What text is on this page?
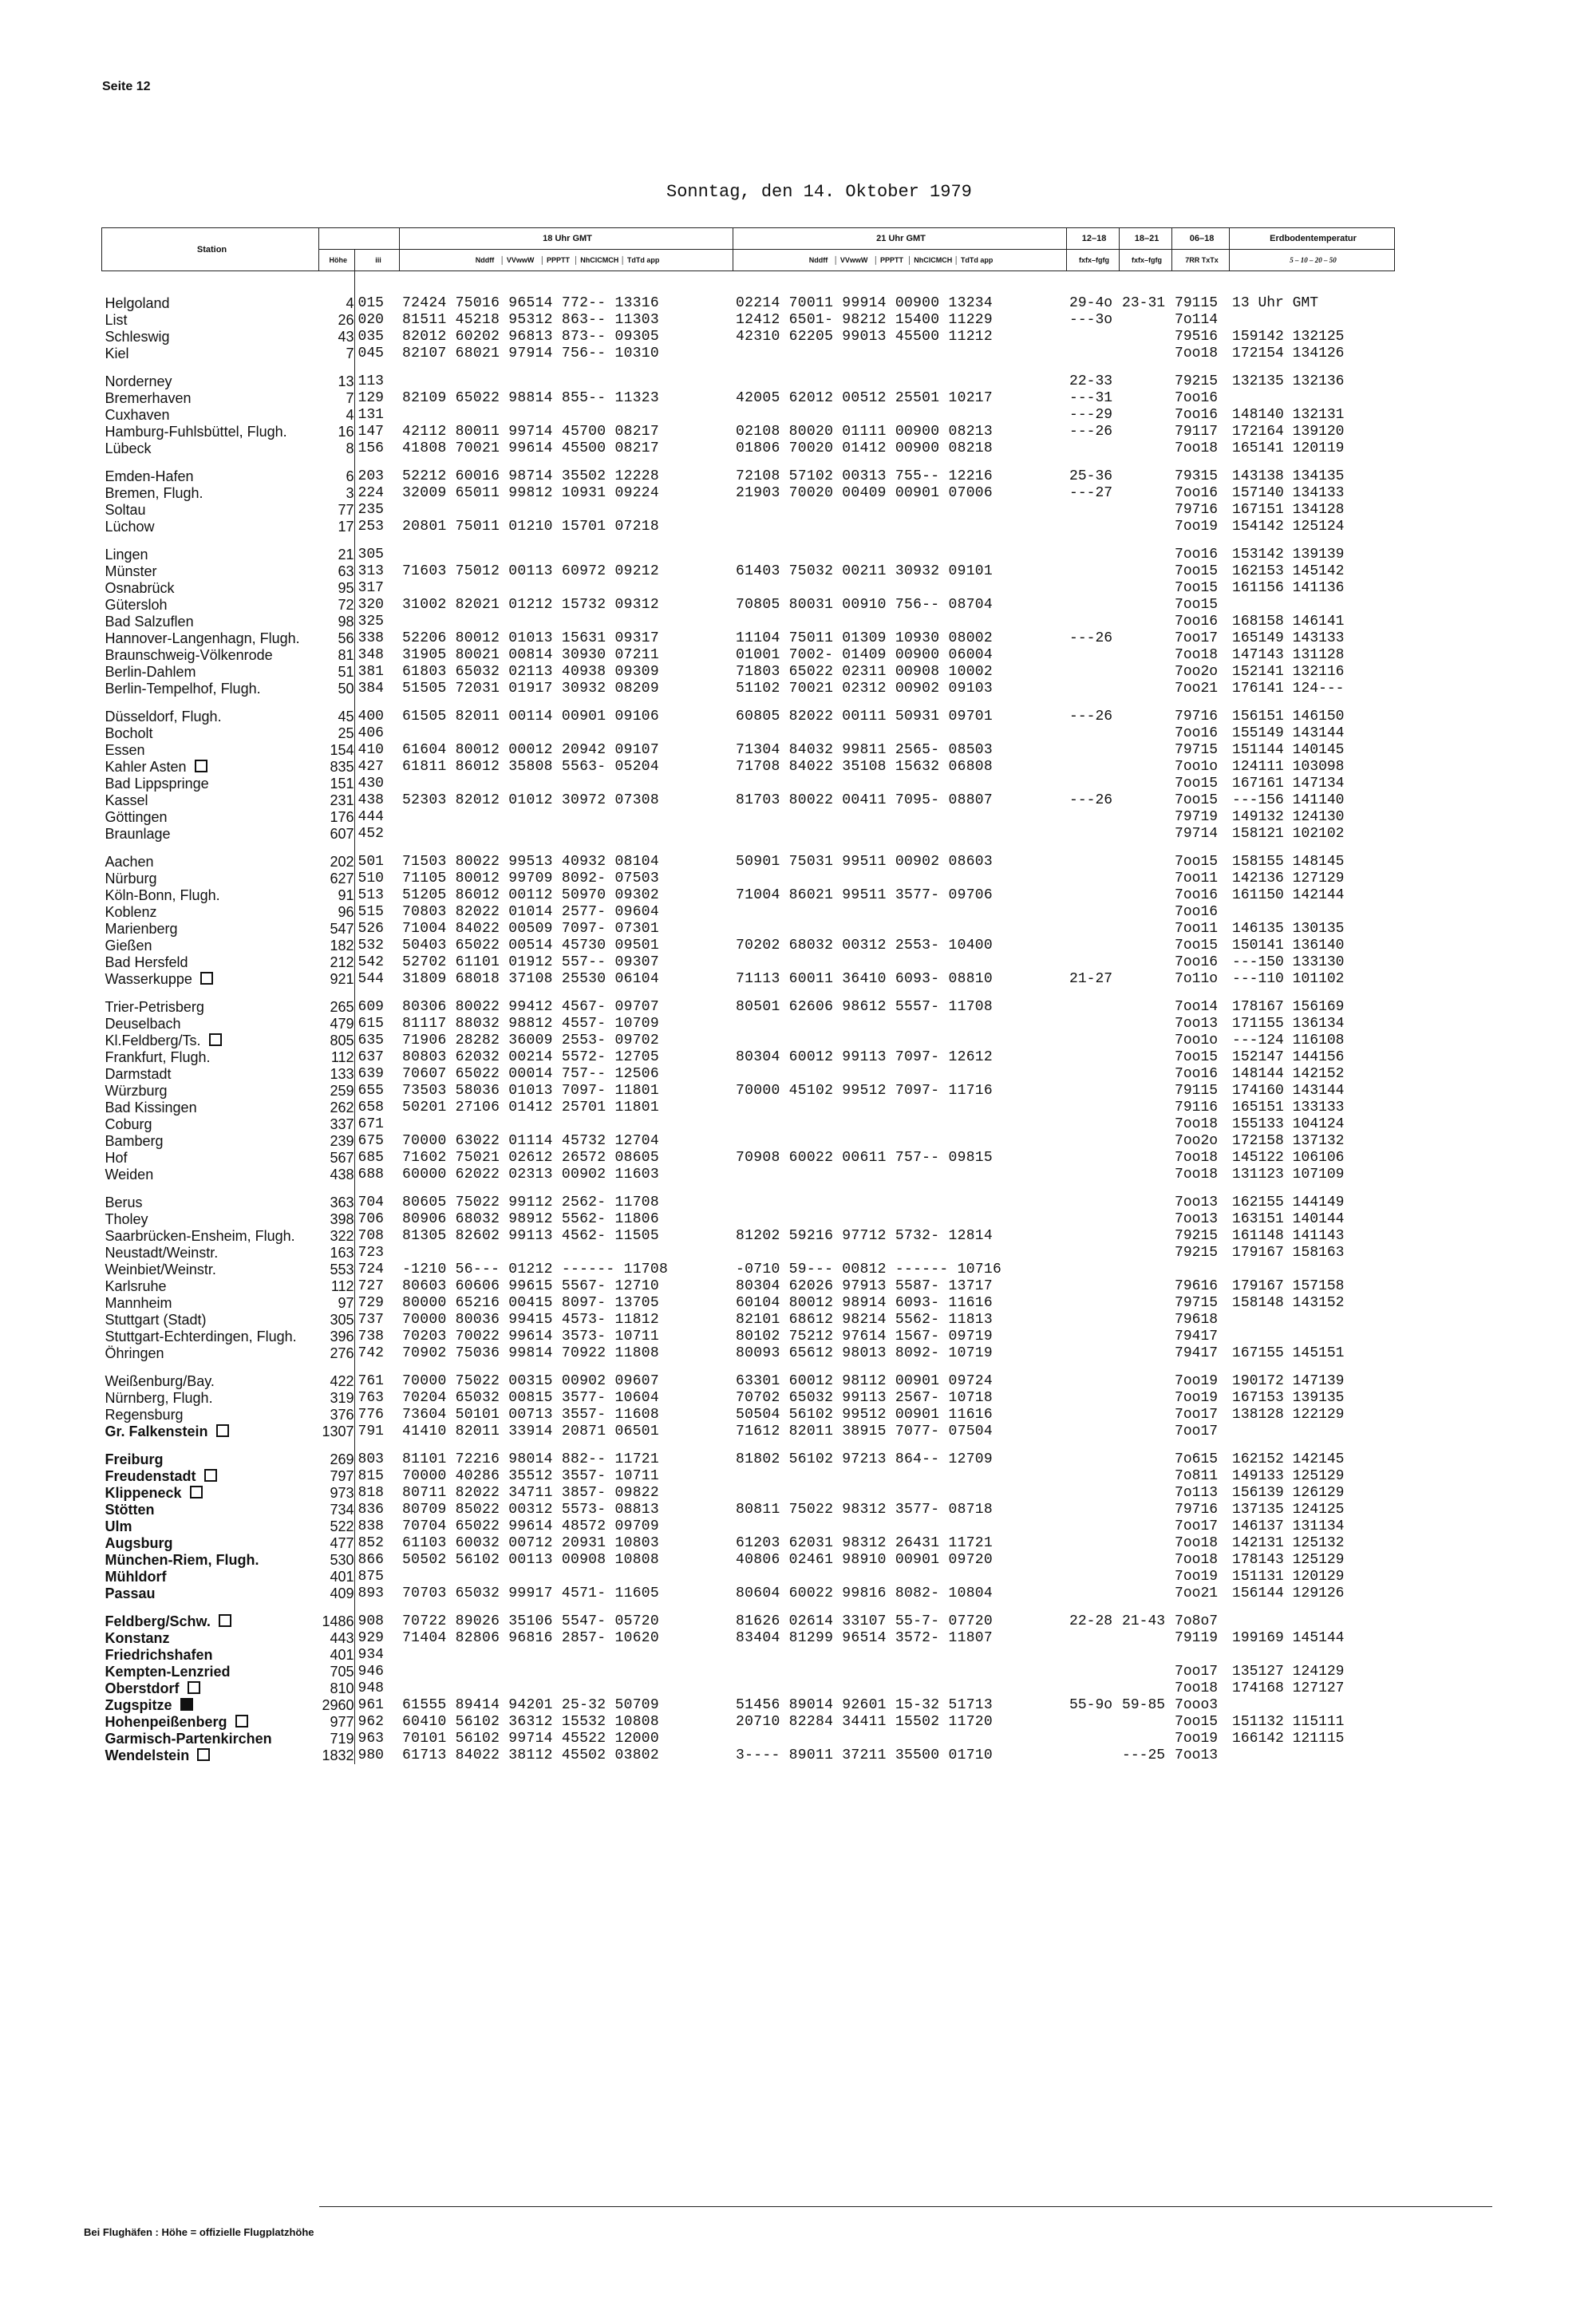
Seite 12
Sonntag, den 14. Oktober 1979
Station			18 Uhr GMT	21 Uhr GMT	12–18	18–21	06–18	Erdbodentemperatur
	Höhe	iii	Nddff   │ VVwwW   │ PPPTT  │ NhClCMCH │ TdTd app	Nddff   │ VVwwW   │ PPPTT  │ NhClCMCH │ TdTd app	fxfx–fgfg	fxfx–fgfg	7RR TxTx	5 – 10 – 20 – 50

Helgoland	4	015	72424 75016 96514 772-- 13316	02214 70011 99914 00900 13234	29-4o	23-31	79115	13 Uhr GMT
List	26	020	81511 45218 95312 863-- 11303	12412 6501- 98212 15400 11229	---3o		7o114	
Schleswig	43	035	82012 60202 96813 873-- 09305	42310 62205 99013 45500 11212			79516	159142 132125
Kiel	7	045	82107 68021 97914 756-- 10310				7oo18	172154 134126

Norderney	13	113			22-33		79215	132135 132136
Bremerhaven	7	129	82109 65022 98814 855-- 11323	42005 62012 00512 25501 10217	---31		7oo16	
Cuxhaven	4	131			---29		7oo16	148140 132131
Hamburg-Fuhlsbüttel, Flugh.	16	147	42112 80011 99714 45700 08217	02108 80020 01111 00900 08213	---26		79117	172164 139120
Lübeck	8	156	41808 70021 99614 45500 08217	01806 70020 01412 00900 08218			7oo18	165141 120119

Emden-Hafen	6	203	52212 60016 98714 35502 12228	72108 57102 00313 755-- 12216	25-36		79315	143138 134135
Bremen, Flugh.	3	224	32009 65011 99812 10931 09224	21903 70020 00409 00901 07006	---27		7oo16	157140 134133
Soltau	77	235					79716	167151 134128
Lüchow	17	253	20801 75011 01210 15701 07218				7oo19	154142 125124

Lingen	21	305					7oo16	153142 139139
Münster	63	313	71603 75012 00113 60972 09212	61403 75032 00211 30932 09101			7oo15	162153 145142
Osnabrück	95	317					7oo15	161156 141136
Gütersloh	72	320	31002 82021 01212 15732 09312	70805 80031 00910 756-- 08704			7oo15	
Bad Salzuflen	98	325					7oo16	168158 146141
Hannover-Langenhagn, Flugh.	56	338	52206 80012 01013 15631 09317	11104 75011 01309 10930 08002	---26		7oo17	165149 143133
Braunschweig-Völkenrode	81	348	31905 80021 00814 30930 07211	01001 7002- 01409 00900 06004			7oo18	147143 131128
Berlin-Dahlem	51	381	61803 65032 02113 40938 09309	71803 65022 02311 00908 10002			7oo2o	152141 132116
Berlin-Tempelhof, Flugh.	50	384	51505 72031 01917 30932 08209	51102 70021 02312 00902 09103			7oo21	176141 124---

Düsseldorf, Flugh.	45	400	61505 82011 00114 00901 09106	60805 82022 00111 50931 09701	---26		79716	156151 146150
Bocholt	25	406					7oo16	155149 143144
Essen	154	410	61604 80012 00012 20942 09107	71304 84032 99811 2565- 08503			79715	151144 140145
Kahler Asten	835	427	61811 86012 35808 5563- 05204	71708 84022 35108 15632 06808			7oo1o	124111 103098
Bad Lippspringe	151	430					7oo15	167161 147134
Kassel	231	438	52303 82012 01012 30972 07308	81703 80022 00411 7095- 08807	---26		7oo15	---156 141140
Göttingen	176	444					79719	149132 124130
Braunlage	607	452					79714	158121 102102

Aachen	202	501	71503 80022 99513 40932 08104	50901 75031 99511 00902 08603			7oo15	158155 148145
Nürburg	627	510	71105 80012 99709 8092- 07503				7oo11	142136 127129
Köln-Bonn, Flugh.	91	513	51205 86012 00112 50970 09302	71004 86021 99511 3577- 09706			7oo16	161150 142144
Koblenz	96	515	70803 82022 01014 2577- 09604				7oo16	
Marienberg	547	526	71004 84022 00509 7097- 07301				7oo11	146135 130135
Gießen	182	532	50403 65022 00514 45730 09501	70202 68032 00312 2553- 10400			7oo15	150141 136140
Bad Hersfeld	212	542	52702 61101 01912 557-- 09307				7oo16	---150 133130
Wasserkuppe	921	544	31809 68018 37108 25530 06104	71113 60011 36410 6093- 08810	21-27		7o11o	---110 101102

Trier-Petrisberg	265	609	80306 80022 99412 4567- 09707	80501 62606 98612 5557- 11708			7oo14	178167 156169
Deuselbach	479	615	81117 88032 98812 4557- 10709				7oo13	171155 136134
Kl.Feldberg/Ts.	805	635	71906 28282 36009 2553- 09702				7oo1o	---124 116108
Frankfurt, Flugh.	112	637	80803 62032 00214 5572- 12705	80304 60012 99113 7097- 12612			7oo15	152147 144156
Darmstadt	133	639	70607 65022 00014 757-- 12506				7oo16	148144 142152
Würzburg	259	655	73503 58036 01013 7097- 11801	70000 45102 99512 7097- 11716			79115	174160 143144
Bad Kissingen	262	658	50201 27106 01412 25701 11801				79116	165151 133133
Coburg	337	671					7oo18	155133 104124
Bamberg	239	675	70000 63022 01114 45732 12704				7oo2o	172158 137132
Hof	567	685	71602 75021 02612 26572 08605	70908 60022 00611 757-- 09815			7oo18	145122 106106
Weiden	438	688	60000 62022 02313 00902 11603				7oo18	131123 107109

Berus	363	704	80605 75022 99112 2562- 11708				7oo13	162155 144149
Tholey	398	706	80906 68032 98912 5562- 11806				7oo13	163151 140144
Saarbrücken-Ensheim, Flugh.	322	708	81305 82602 99113 4562- 11505	81202 59216 97712 5732- 12814			79215	161148 141143
Neustadt/Weinstr.	163	723					79215	179167 158163
Weinbiet/Weinstr.	553	724	-1210 56--- 01212 ------ 11708	-0710 59--- 00812 ------ 10716				
Karlsruhe	112	727	80603 60606 99615 5567- 12710	80304 62026 97913 5587- 13717			79616	179167 157158
Mannheim	97	729	80000 65216 00415 8097- 13705	60104 80012 98914 6093- 11616			79715	158148 143152
Stuttgart (Stadt)	305	737	70000 80036 99415 4573- 11812	82101 68612 98214 5562- 11813			79618	
Stuttgart-Echterdingen, Flugh.	396	738	70203 70022 99614 3573- 10711	80102 75212 97614 1567- 09719			79417	
Öhringen	276	742	70902 75036 99814 70922 11808	80093 65612 98013 8092- 10719			79417	167155 145151

Weißenburg/Bay.	422	761	70000 75022 00315 00902 09607	63301 60012 98112 00901 09724			7oo19	190172 147139
Nürnberg, Flugh.	319	763	70204 65032 00815 3577- 10604	70702 65032 99113 2567- 10718			7oo19	167153 139135
Regensburg	376	776	73604 50101 00713 3557- 11608	50504 56102 99512 00901 11616			7oo17	138128 122129
Gr. Falkenstein	1307	791	41410 82011 33914 20871 06501	71612 82011 38915 7077- 07504			7oo17	

Freiburg	269	803	81101 72216 98014 882-- 11721	81802 56102 97213 864-- 12709			7o615	162152 142145
Freudenstadt	797	815	70000 40286 35512 3557- 10711				7o811	149133 125129
Klippeneck	973	818	80711 82022 34711 3857- 09822				7o113	156139 126129
Stötten	734	836	80709 85022 00312 5573- 08813	80811 75022 98312 3577- 08718			79716	137135 124125
Ulm	522	838	70704 65022 99614 48572 09709				7oo17	146137 131134
Augsburg	477	852	61103 60032 00712 20931 10803	61203 62031 98312 26431 11721			7oo18	142131 125132
München-Riem, Flugh.	530	866	50502 56102 00113 00908 10808	40806 02461 98910 00901 09720			7oo18	178143 125129
Mühldorf	401	875					7oo19	151131 120129
Passau	409	893	70703 65032 99917 4571- 11605	80604 60022 99816 8082- 10804			7oo21	156144 129126

Feldberg/Schw.	1486	908	70722 89026 35106 5547- 05720	81626 02614 33107 55-7- 07720	22-28	21-43	7o8o7	
Konstanz	443	929	71404 82806 96816 2857- 10620	83404 81299 96514 3572- 11807			79119	199169 145144
Friedrichshafen	401	934						
Kempten-Lenzried	705	946					7oo17	135127 124129
Oberstdorf	810	948					7oo18	174168 127127
Zugspitze	2960	961	61555 89414 94201 25-32 50709	51456 89014 92601 15-32 51713	55-9o	59-85	7ooo3	
Hohenpeißenberg	977	962	60410 56102 36312 15532 10808	20710 82284 34411 15502 11720			7oo15	151132 115111
Garmisch-Partenkirchen	719	963	70101 56102 99714 45522 12000				7oo19	166142 121115
Wendelstein	1832	980	61713 84022 38112 45502 03802	3---- 89011 37211 35500 01710		---25	7oo13	
Bei Flughäfen : Höhe = offizielle Flugplatzhöhe
